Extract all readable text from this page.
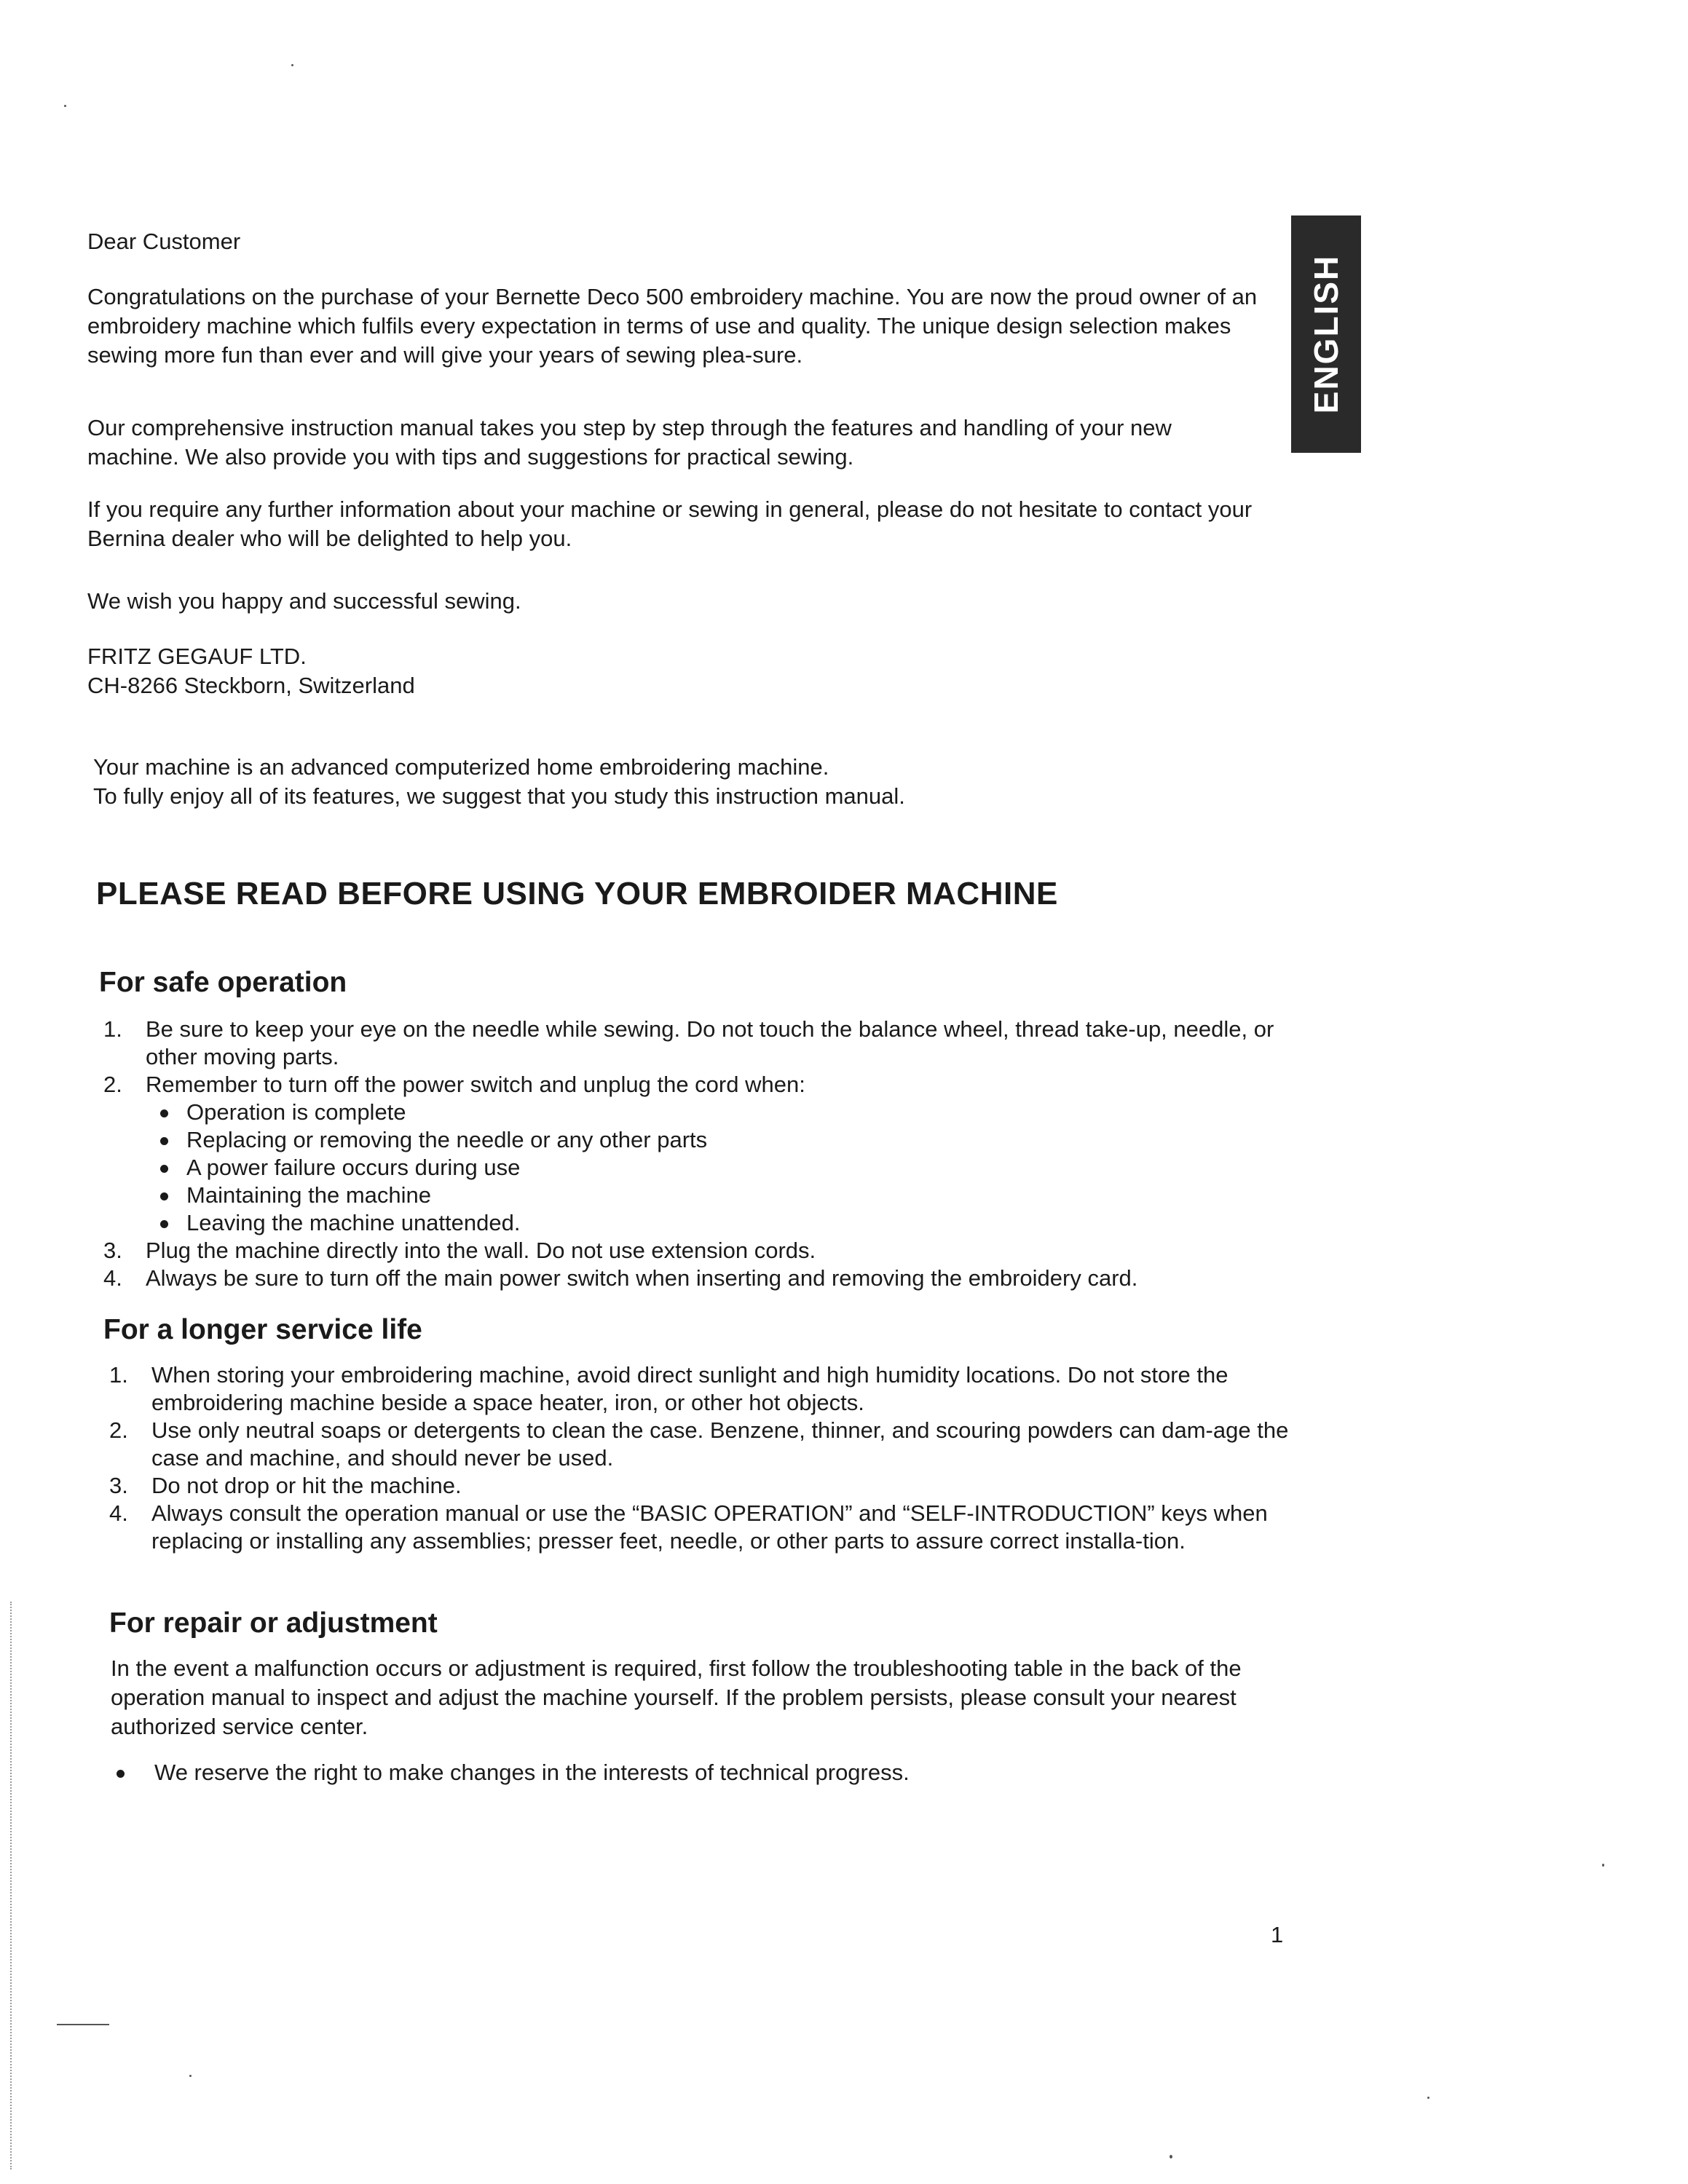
ENGLISH

Dear Customer

Congratulations on the purchase of your Bernette Deco 500 embroidery machine. You are now the proud owner of an embroidery machine which fulfils every expectation in terms of use and quality. The unique design selection makes sewing more fun than ever and will give your years of sewing plea-sure.

Our comprehensive instruction manual takes you step by step through the features and handling of your new machine. We also provide you with tips and suggestions for practical sewing.

If you require any further information about your machine or sewing in general, please do not hesitate to contact your Bernina dealer who will be delighted to help you.

We wish you happy and successful sewing.

FRITZ GEGAUF LTD.

CH-8266 Steckborn, Switzerland

Your machine is an advanced computerized home embroidering machine.

To fully enjoy all of its features, we suggest that you study this instruction manual.

PLEASE READ BEFORE USING YOUR EMBROIDER MACHINE
For safe operation
1. Be sure to keep your eye on the needle while sewing. Do not touch the balance wheel, thread take-up, needle, or other moving parts.
2. Remember to turn off the power switch and unplug the cord when:
Operation is complete
Replacing or removing the needle or any other parts
A power failure occurs during use
Maintaining the machine
Leaving the machine unattended.
3. Plug the machine directly into the wall. Do not use extension cords.
4. Always be sure to turn off the main power switch when inserting and removing the embroidery card.
For a longer service life
1. When storing your embroidering machine, avoid direct sunlight and high humidity locations. Do not store the embroidering machine beside a space heater, iron, or other hot objects.
2. Use only neutral soaps or detergents to clean the case. Benzene, thinner, and scouring powders can dam-age the case and machine, and should never be used.
3. Do not drop or hit the machine.
4. Always consult the operation manual or use the “BASIC OPERATION” and “SELF-INTRODUCTION” keys when replacing or installing any assemblies; presser feet, needle, or other parts to assure correct installa-tion.
For repair or adjustment

In the event a malfunction occurs or adjustment is required, first follow the troubleshooting table in the back of the operation manual to inspect and adjust the machine yourself. If the problem persists, please consult your nearest authorized service center.

We reserve the right to make changes in the interests of technical progress.
1
